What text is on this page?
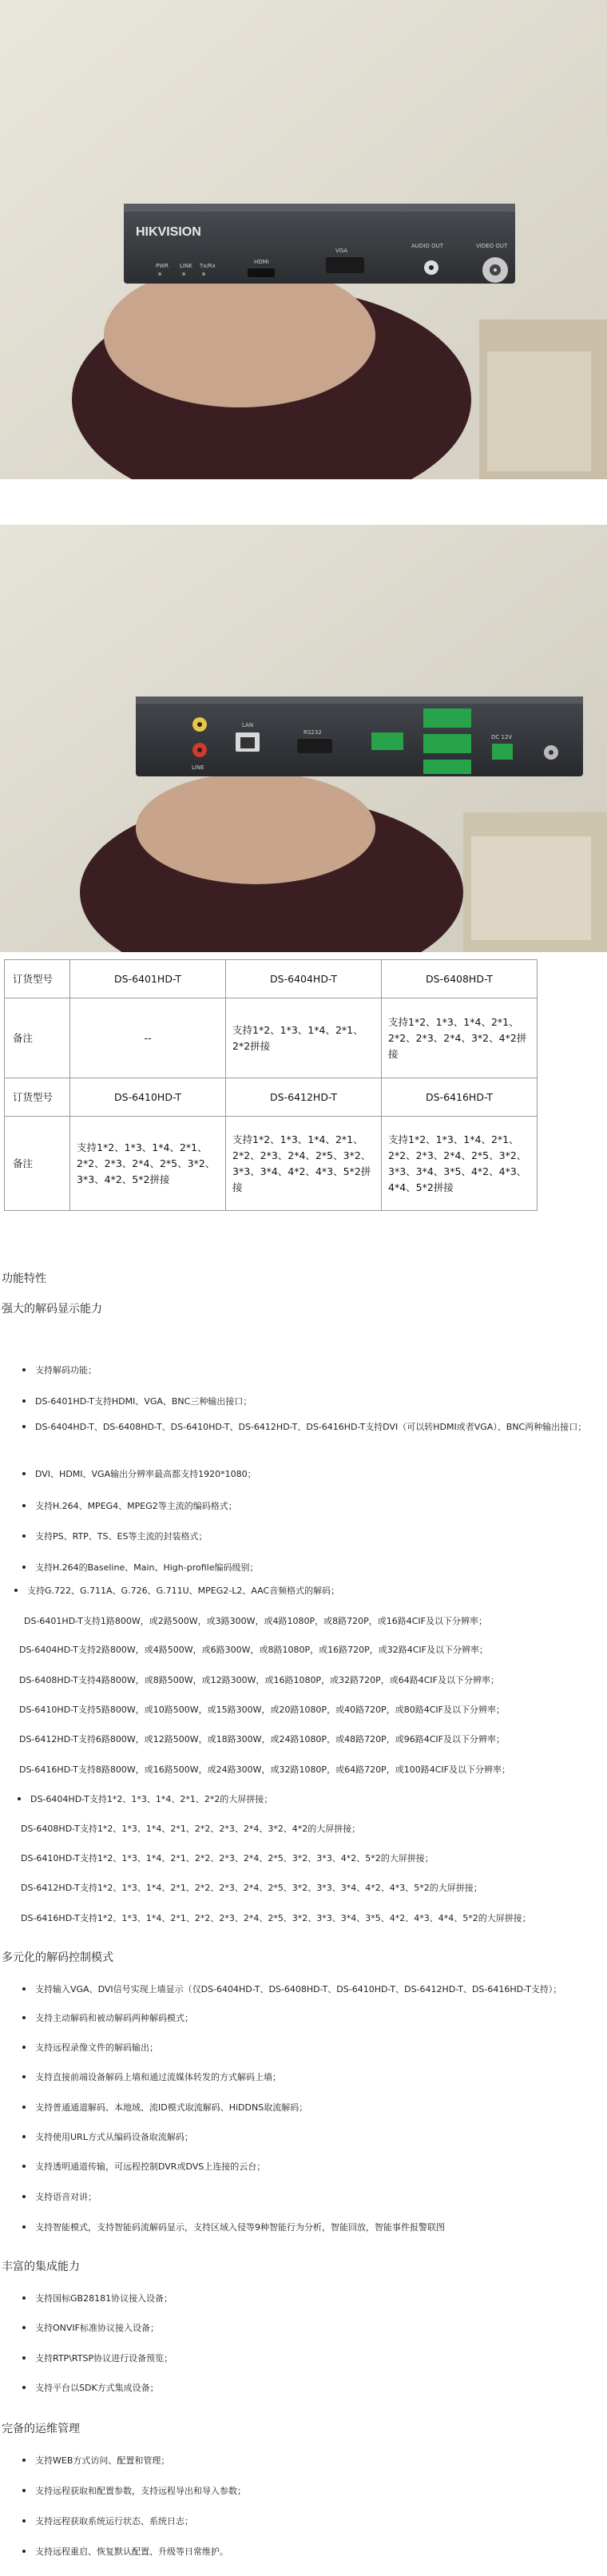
HIKVISION
PWR LINK Tx/Rx
HDMI
VGA
AUDIO OUT	VIDEO OUT
LINE
LAN
RS232
DC 12V
订货型号	DS-6401HD-T	DS-6404HD-T	DS-6408HD-T
备注	--	支持1*2、1*3、1*4、2*1、2*2拼接	支持1*2、1*3、1*4、2*1、2*2、2*3、2*4、3*2、4*2拼接
订货型号	DS-6410HD-T	DS-6412HD-T	DS-6416HD-T
备注	支持1*2、1*3、1*4、2*1、2*2、2*3、2*4、2*5、3*2、3*3、4*2、5*2拼接	支持1*2、1*3、1*4、2*1、2*2、2*3、2*4、2*5、3*2、3*3、3*4、4*2、4*3、5*2拼接	支持1*2、1*3、1*4、2*1、2*2、2*3、2*4、2*5、3*2、3*3、3*4、3*5、4*2、4*3、4*4、5*2拼接
功能特性
强大的解码显示能力
支持解码功能；
DS-6401HD-T支持HDMI、VGA、BNC三种输出接口；
DS-6404HD-T、DS-6408HD-T、DS-6410HD-T、DS-6412HD-T、DS-6416HD-T支持DVI（可以转HDMI或者VGA）、BNC两种输出接口；
DVI、HDMI、VGA输出分辨率最高都支持1920*1080；
支持H.264、MPEG4、MPEG2等主流的编码格式；
支持PS、RTP、TS、ES等主流的封装格式；
支持H.264的Baseline、Main、High-profile编码级别；
支持G.722、G.711A、G.726、G.711U、MPEG2-L2、AAC音频格式的解码；
DS-6401HD-T支持1路800W，或2路500W，或3路300W，或4路1080P，或8路720P，或16路4CIF及以下分辨率；
DS-6404HD-T支持2路800W，或4路500W，或6路300W，或8路1080P，或16路720P，或32路4CIF及以下分辨率；
DS-6408HD-T支持4路800W，或8路500W，或12路300W，或16路1080P，或32路720P，或64路4CIF及以下分辨率；
DS-6410HD-T支持5路800W，或10路500W，或15路300W，或20路1080P，或40路720P，或80路4CIF及以下分辨率；
DS-6412HD-T支持6路800W，或12路500W，或18路300W，或24路1080P，或48路720P，或96路4CIF及以下分辨率；
DS-6416HD-T支持8路800W，或16路500W，或24路300W，或32路1080P，或64路720P，或100路4CIF及以下分辨率；
DS-6404HD-T支持1*2、1*3、1*4、2*1、2*2的大屏拼接；
DS-6408HD-T支持1*2、1*3、1*4、2*1、2*2、2*3、2*4、3*2、4*2的大屏拼接；
DS-6410HD-T支持1*2、1*3、1*4、2*1、2*2、2*3、2*4、2*5、3*2、3*3、4*2、5*2的大屏拼接；
DS-6412HD-T支持1*2、1*3、1*4、2*1、2*2、2*3、2*4、2*5、3*2、3*3、3*4、4*2、4*3、5*2的大屏拼接；
DS-6416HD-T支持1*2、1*3、1*4、2*1、2*2、2*3、2*4、2*5、3*2、3*3、3*4、3*5、4*2、4*3、4*4、5*2的大屏拼接；
多元化的解码控制模式
支持输入VGA、DVI信号实现上墙显示（仅DS-6404HD-T、DS-6408HD-T、DS-6410HD-T、DS-6412HD-T、DS-6416HD-T支持）；
支持主动解码和被动解码两种解码模式；
支持远程录像文件的解码输出；
支持直接前端设备解码上墙和通过流媒体转发的方式解码上墙；
支持普通通道解码、本地域、流ID模式取流解码、HiDDNS取流解码；
支持使用URL方式从编码设备取流解码；
支持透明通道传输，可远程控制DVR或DVS上连接的云台；
支持语音对讲；
支持智能模式，支持智能码流解码显示，支持区域入侵等9种智能行为分析，智能回放，智能事件报警联图
丰富的集成能力
支持国标GB28181协议接入设备；
支持ONVIF标准协议接入设备；
支持RTP\RTSP协议进行设备预览；
支持平台以SDK方式集成设备；
完备的运维管理
支持WEB方式访问、配置和管理；
支持远程获取和配置参数，支持远程导出和导入参数；
支持远程获取系统运行状态、系统日志；
支持远程重启、恢复默认配置、升级等日常维护。
